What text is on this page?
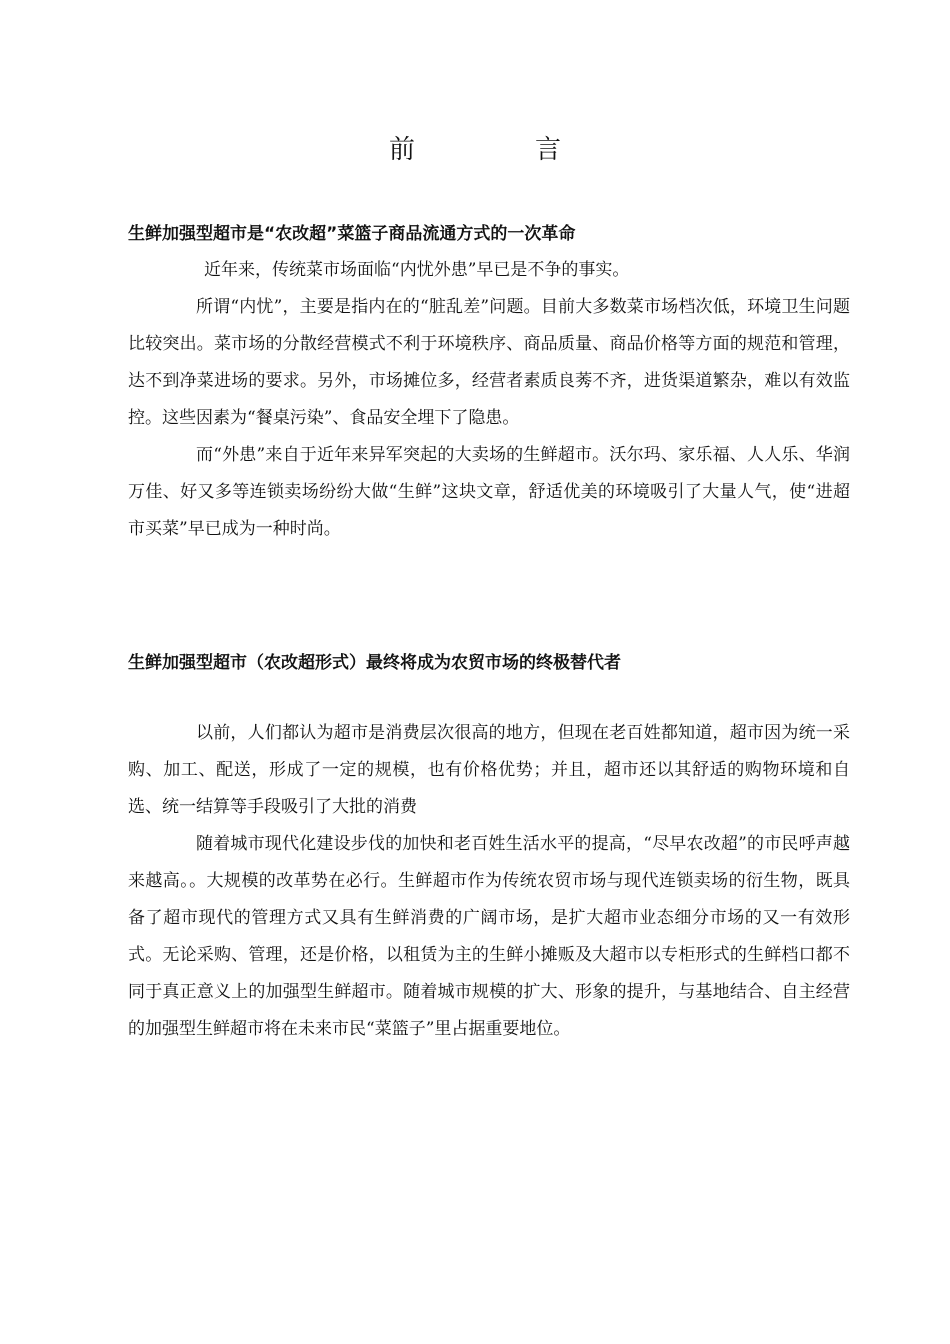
前言
生鲜加强型超市是“农改超”菜篮子商品流通方式的一次革命

近年来，传统菜市场面临“内忧外患”早已是不争的事实。

所谓“内忧”，主要是指内在的“脏乱差”问题。目前大多数菜市场档次低，环境卫生问题比较突出。菜市场的分散经营模式不利于环境秩序、商品质量、商品价格等方面的规范和管理，达不到净菜进场的要求。另外，市场摊位多，经营者素质良莠不齐，进货渠道繁杂，难以有效监控。这些因素为“餐桌污染”、食品安全埋下了隐患。

而“外患”来自于近年来异军突起的大卖场的生鲜超市。沃尔玛、家乐福、人人乐、华润万佳、好又多等连锁卖场纷纷大做“生鲜”这块文章，舒适优美的环境吸引了大量人气，使“进超市买菜”早已成为一种时尚。

生鲜加强型超市（农改超形式）最终将成为农贸市场的终极替代者

以前，人们都认为超市是消费层次很高的地方，但现在老百姓都知道，超市因为统一采购、加工、配送，形成了一定的规模，也有价格优势；并且，超市还以其舒适的购物环境和自选、统一结算等手段吸引了大批的消费

随着城市现代化建设步伐的加快和老百姓生活水平的提高，“尽早农改超”的市民呼声越来越高。。大规模的改革势在必行。生鲜超市作为传统农贸市场与现代连锁卖场的衍生物，既具备了超市现代的管理方式又具有生鲜消费的广阔市场，是扩大超市业态细分市场的又一有效形式。无论采购、管理，还是价格，以租赁为主的生鲜小摊贩及大超市以专柜形式的生鲜档口都不同于真正意义上的加强型生鲜超市。随着城市规模的扩大、形象的提升，与基地结合、自主经营的加强型生鲜超市将在未来市民“菜篮子”里占据重要地位。
